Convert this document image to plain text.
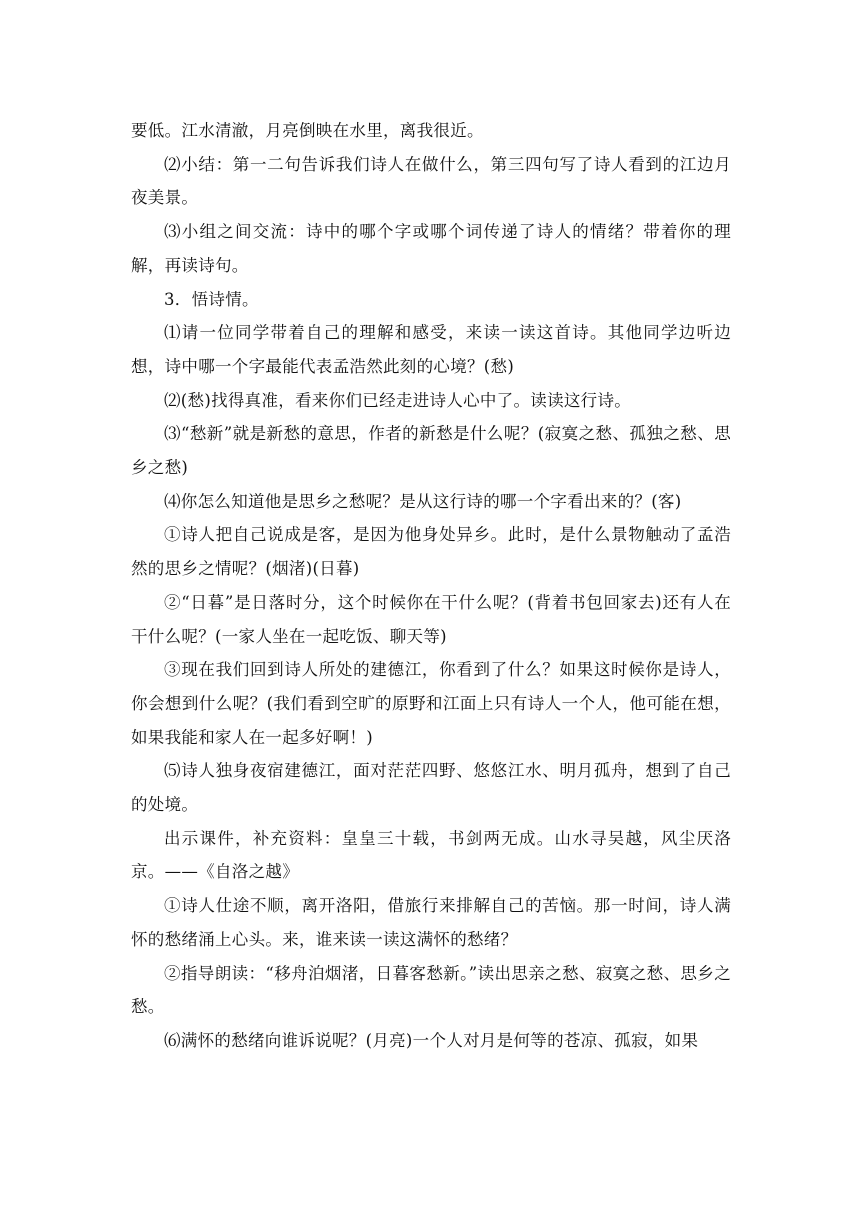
要低。江水清澈，月亮倒映在水里，离我很近。

⑵小结：第一二句告诉我们诗人在做什么，第三四句写了诗人看到的江边月夜美景。

⑶小组之间交流：诗中的哪个字或哪个词传递了诗人的情绪？带着你的理解，再读诗句。

3．悟诗情。

⑴请一位同学带着自己的理解和感受，来读一读这首诗。其他同学边听边想，诗中哪一个字最能代表孟浩然此刻的心境？(愁)

⑵(愁)找得真准，看来你们已经走进诗人心中了。读读这行诗。

⑶“愁新”就是新愁的意思，作者的新愁是什么呢？(寂寞之愁、孤独之愁、思乡之愁)

⑷你怎么知道他是思乡之愁呢？是从这行诗的哪一个字看出来的？(客)

①诗人把自己说成是客，是因为他身处异乡。此时，是什么景物触动了孟浩然的思乡之情呢？(烟渚)(日暮)

②“日暮”是日落时分，这个时候你在干什么呢？(背着书包回家去)还有人在干什么呢？(一家人坐在一起吃饭、聊天等)

③现在我们回到诗人所处的建德江，你看到了什么？如果这时候你是诗人，你会想到什么呢？(我们看到空旷的原野和江面上只有诗人一个人，他可能在想，如果我能和家人在一起多好啊！)

⑸诗人独身夜宿建德江，面对茫茫四野、悠悠江水、明月孤舟，想到了自己的处境。

出示课件，补充资料：皇皇三十载，书剑两无成。山水寻吴越，风尘厌洛京。——《自洛之越》

①诗人仕途不顺，离开洛阳，借旅行来排解自己的苦恼。那一时间，诗人满怀的愁绪涌上心头。来，谁来读一读这满怀的愁绪？

②指导朗读：“移舟泊烟渚，日暮客愁新。”读出思亲之愁、寂寞之愁、思乡之愁。

⑹满怀的愁绪向谁诉说呢？(月亮)一个人对月是何等的苍凉、孤寂，如果
